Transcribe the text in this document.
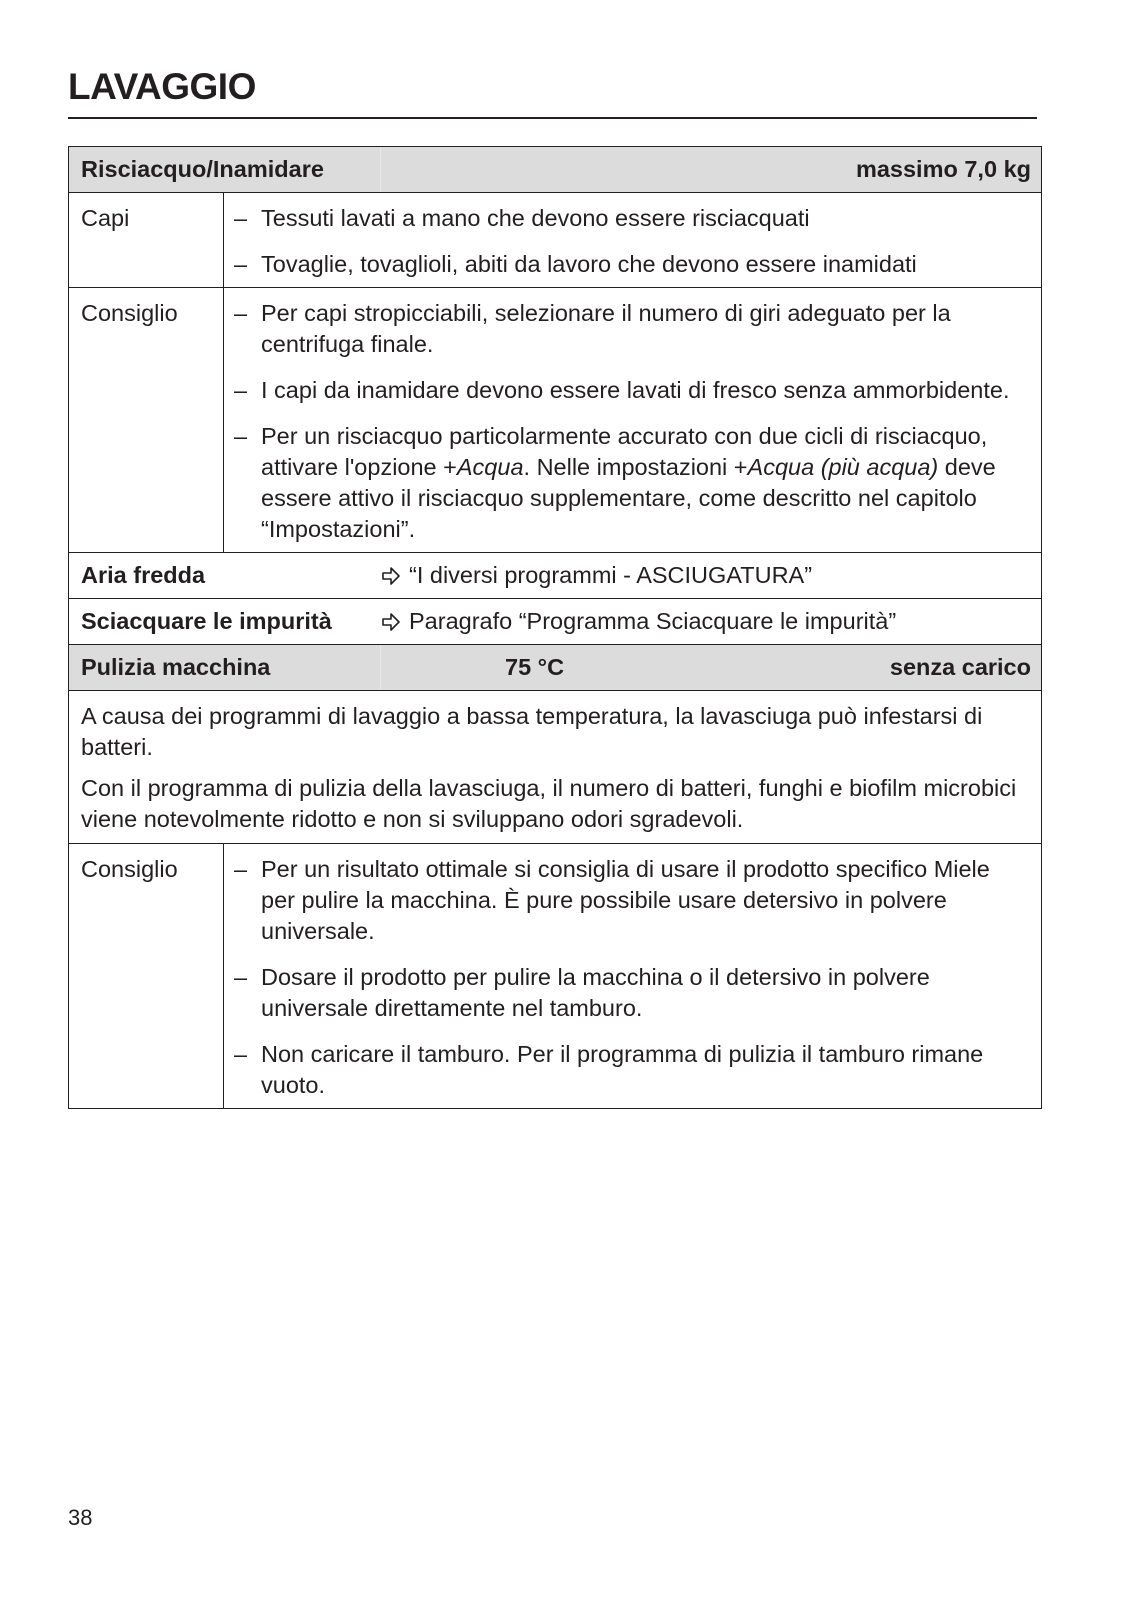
LAVAGGIO
Risciacquo/Inamidare	massimo 7,0 kg
Capi	– Tessuti lavati a mano che devono essere risciacquati
– Tovaglie, tovaglioli, abiti da lavoro che devono essere inamidati
Consiglio	– Per capi stropicciabili, selezionare il numero di giri adeguato per la centrifuga finale.
– I capi da inamidare devono essere lavati di fresco senza ammorbidente.
– Per un risciacquo particolarmente accurato con due cicli di risciacquo, attivare l'opzione +Acqua. Nelle impostazioni +Acqua (più acqua) deve essere attivo il risciacquo supplementare, come descritto nel capitolo “Impostazioni”.
Aria fredda	“I diversi programmi - ASCIUGATURA”
Sciacquare le impurità	Paragrafo “Programma Sciacquare le impurità”
Pulizia macchina	75 °C	senza carico

A causa dei programmi di lavaggio a bassa temperatura, la lavasciuga può infestarsi di batteri.

Con il programma di pulizia della lavasciuga, il numero di batteri, funghi e biofilm microbici viene notevolmente ridotto e non si sviluppano odori sgradevoli.

Consiglio	– Per un risultato ottimale si consiglia di usare il prodotto specifico Miele per pulire la macchina. È pure possibile usare detersivo in polvere universale.
– Dosare il prodotto per pulire la macchina o il detersivo in polvere universale direttamente nel tamburo.
– Non caricare il tamburo. Per il programma di pulizia il tamburo rimane vuoto.
38
